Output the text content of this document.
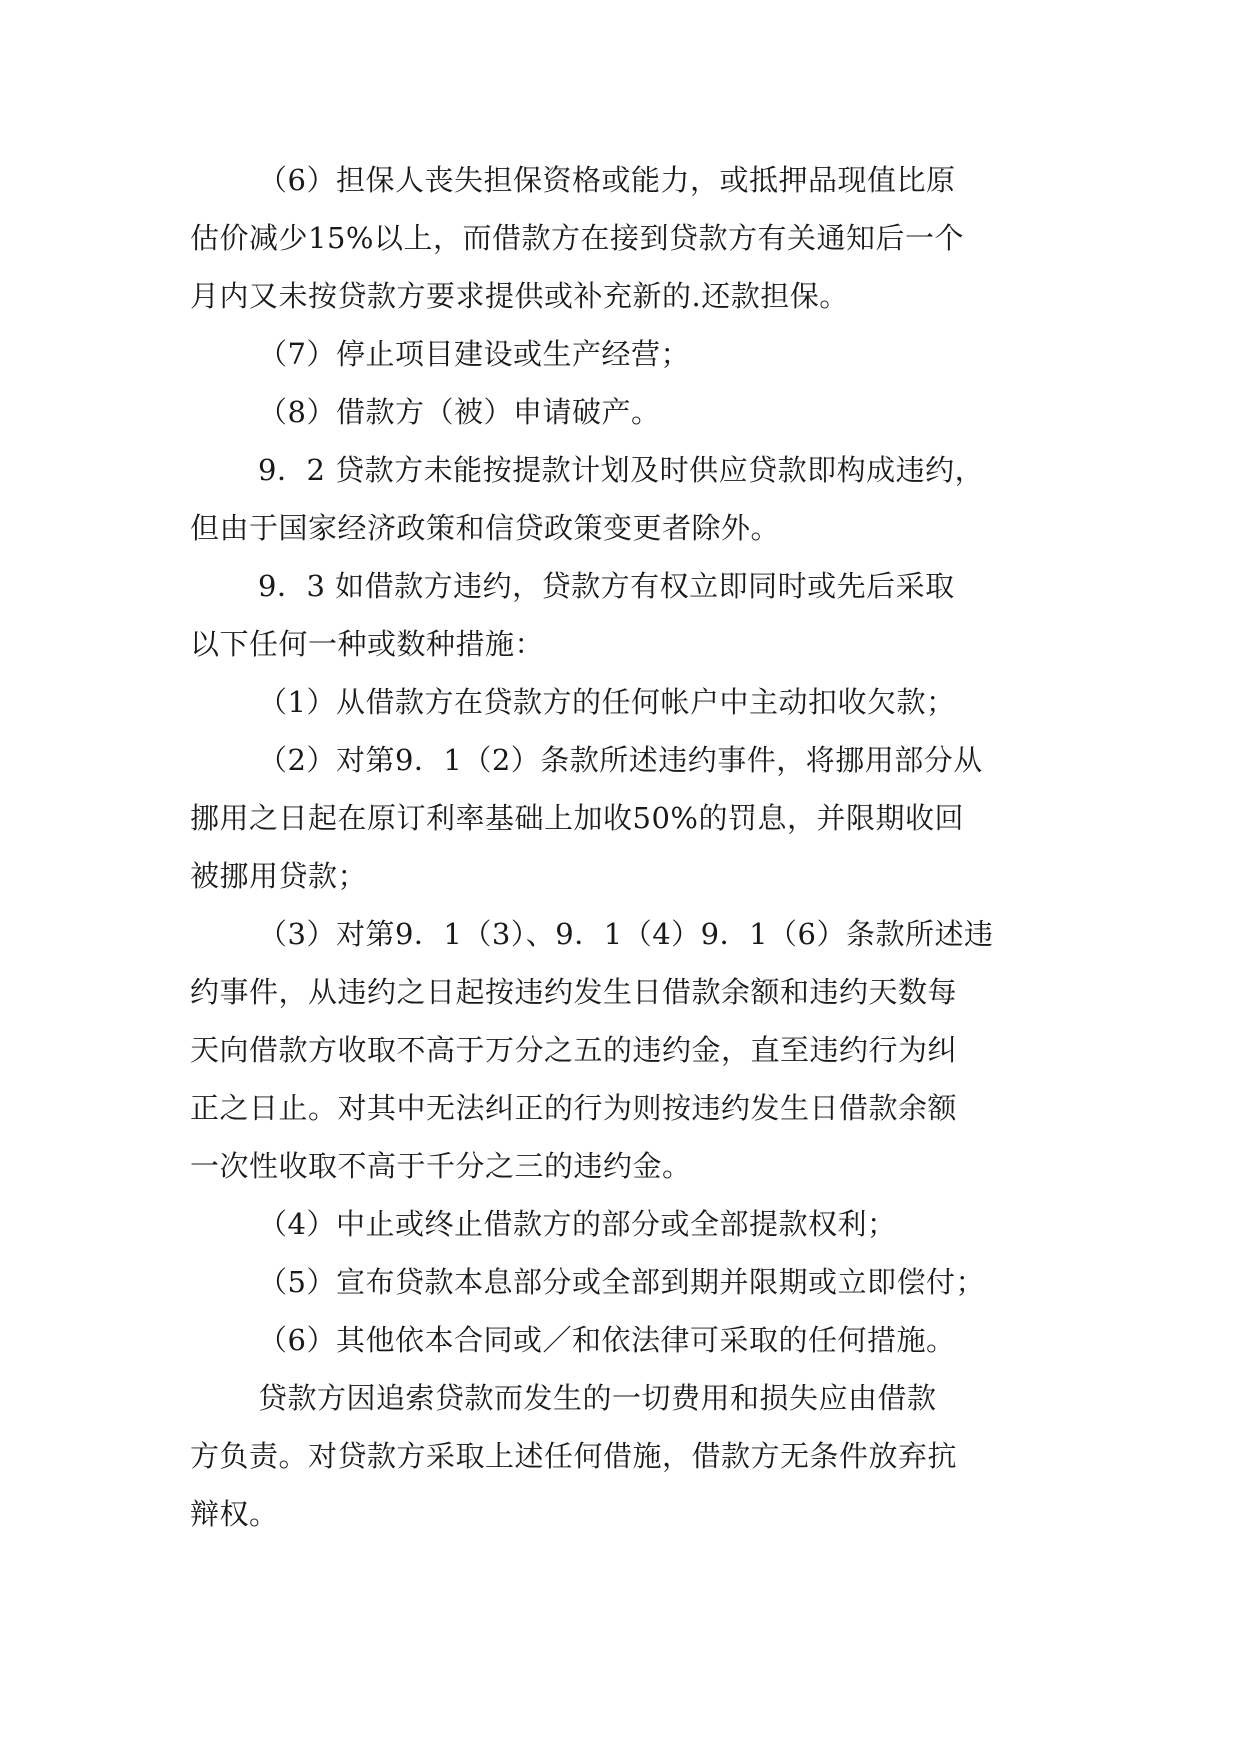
（6）担保人丧失担保资格或能力，或抵押品现值比原
估价减少15%以上，而借款方在接到贷款方有关通知后一个
月内又未按贷款方要求提供或补充新的.还款担保。
（7）停止项目建设或生产经营；
（8）借款方（被）申请破产。
9．2 贷款方未能按提款计划及时供应贷款即构成违约，
但由于国家经济政策和信贷政策变更者除外。
9．3 如借款方违约，贷款方有权立即同时或先后采取
以下任何一种或数种措施：
（1）从借款方在贷款方的任何帐户中主动扣收欠款；
（2）对第9．1（2）条款所述违约事件，将挪用部分从
挪用之日起在原订利率基础上加收50%的罚息，并限期收回
被挪用贷款；
（3）对第9．1（3）、9．1（4）9．1（6）条款所述违
约事件，从违约之日起按违约发生日借款余额和违约天数每
天向借款方收取不高于万分之五的违约金，直至违约行为纠
正之日止。对其中无法纠正的行为则按违约发生日借款余额
一次性收取不高于千分之三的违约金。
（4）中止或终止借款方的部分或全部提款权利；
（5）宣布贷款本息部分或全部到期并限期或立即偿付；
（6）其他依本合同或／和依法律可采取的任何措施。
贷款方因追索贷款而发生的一切费用和损失应由借款
方负责。对贷款方采取上述任何借施，借款方无条件放弃抗
辩权。
